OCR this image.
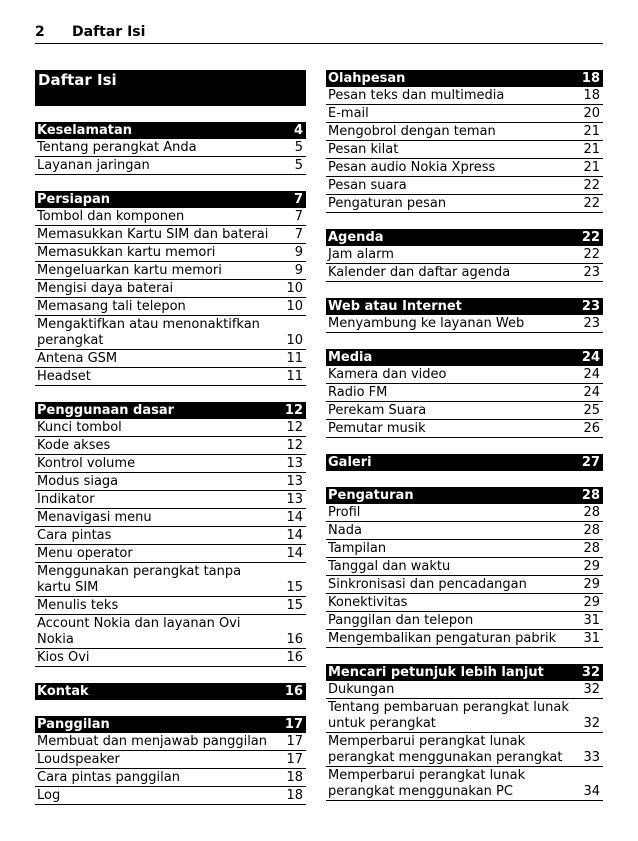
2	Daftar Isi
Daftar Isi
Keselamatan	4
Tentang perangkat Anda	5
Layanan jaringan	5
Persiapan	7
Tombol dan komponen	7
Memasukkan Kartu SIM dan baterai	7
Memasukkan kartu memori	9
Mengeluarkan kartu memori	9
Mengisi daya baterai	10
Memasang tali telepon	10
Mengaktifkan atau menonaktifkan perangkat	10
Antena GSM	11
Headset	11
Penggunaan dasar	12
Kunci tombol	12
Kode akses	12
Kontrol volume	13
Modus siaga	13
Indikator	13
Menavigasi menu	14
Cara pintas	14
Menu operator	14
Menggunakan perangkat tanpa kartu SIM	15
Menulis teks	15
Account Nokia dan layanan Ovi Nokia	16
Kios Ovi	16
Kontak	16
Panggilan	17
Membuat dan menjawab panggilan	17
Loudspeaker	17
Cara pintas panggilan	18
Log	18
Olahpesan	18
Pesan teks dan multimedia	18
E-mail	20
Mengobrol dengan teman	21
Pesan kilat	21
Pesan audio Nokia Xpress	21
Pesan suara	22
Pengaturan pesan	22
Agenda	22
Jam alarm	22
Kalender dan daftar agenda	23
Web atau Internet	23
Menyambung ke layanan Web	23
Media	24
Kamera dan video	24
Radio FM	24
Perekam Suara	25
Pemutar musik	26
Galeri	27
Pengaturan	28
Profil	28
Nada	28
Tampilan	28
Tanggal dan waktu	29
Sinkronisasi dan pencadangan	29
Konektivitas	29
Panggilan dan telepon	31
Mengembalikan pengaturan pabrik	31
Mencari petunjuk lebih lanjut	32
Dukungan	32
Tentang pembaruan perangkat lunak untuk perangkat	32
Memperbarui perangkat lunak perangkat menggunakan perangkat	33
Memperbarui perangkat lunak perangkat menggunakan PC	34
